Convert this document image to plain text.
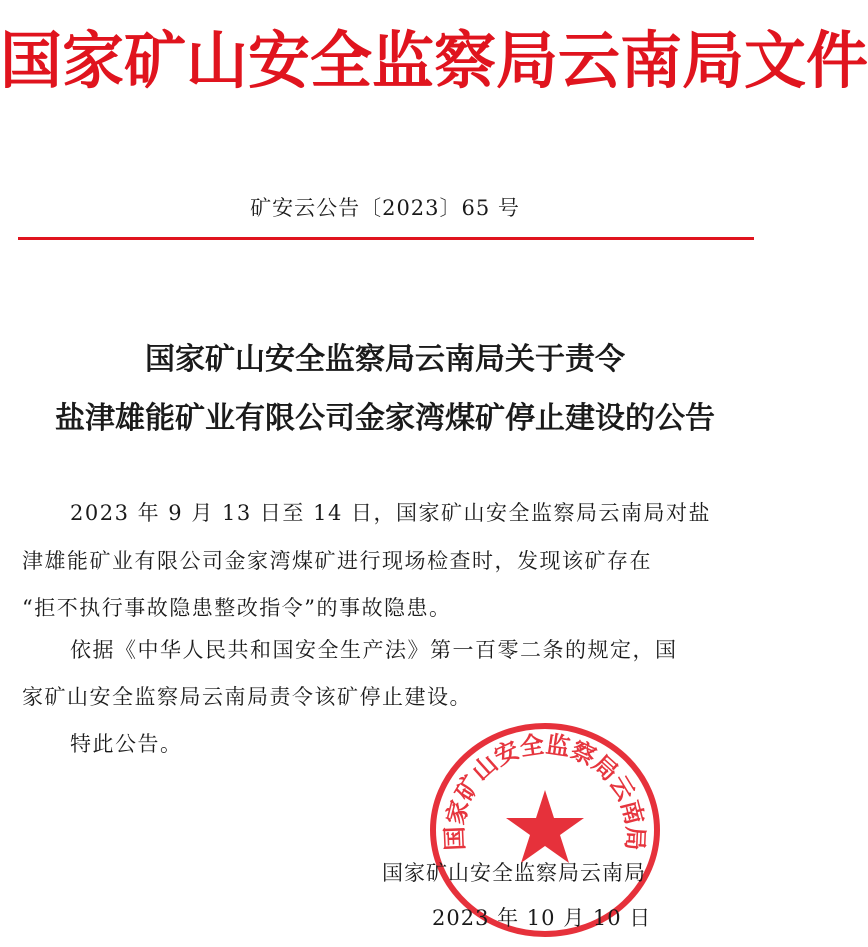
国家矿山安全监察局云南局文件
矿安云公告〔2023〕65 号
国家矿山安全监察局云南局关于责令
盐津雄能矿业有限公司金家湾煤矿停止建设的公告
2023 年 9 月 13 日至 14 日，国家矿山安全监察局云南局对盐
津雄能矿业有限公司金家湾煤矿进行现场检查时，发现该矿存在
“拒不执行事故隐患整改指令”的事故隐患。
依据《中华人民共和国安全生产法》第一百零二条的规定，国
家矿山安全监察局云南局责令该矿停止建设。
特此公告。
国家矿山安全监察局云南局
国家矿山安全监察局云南局
2023 年 10 月 10 日
